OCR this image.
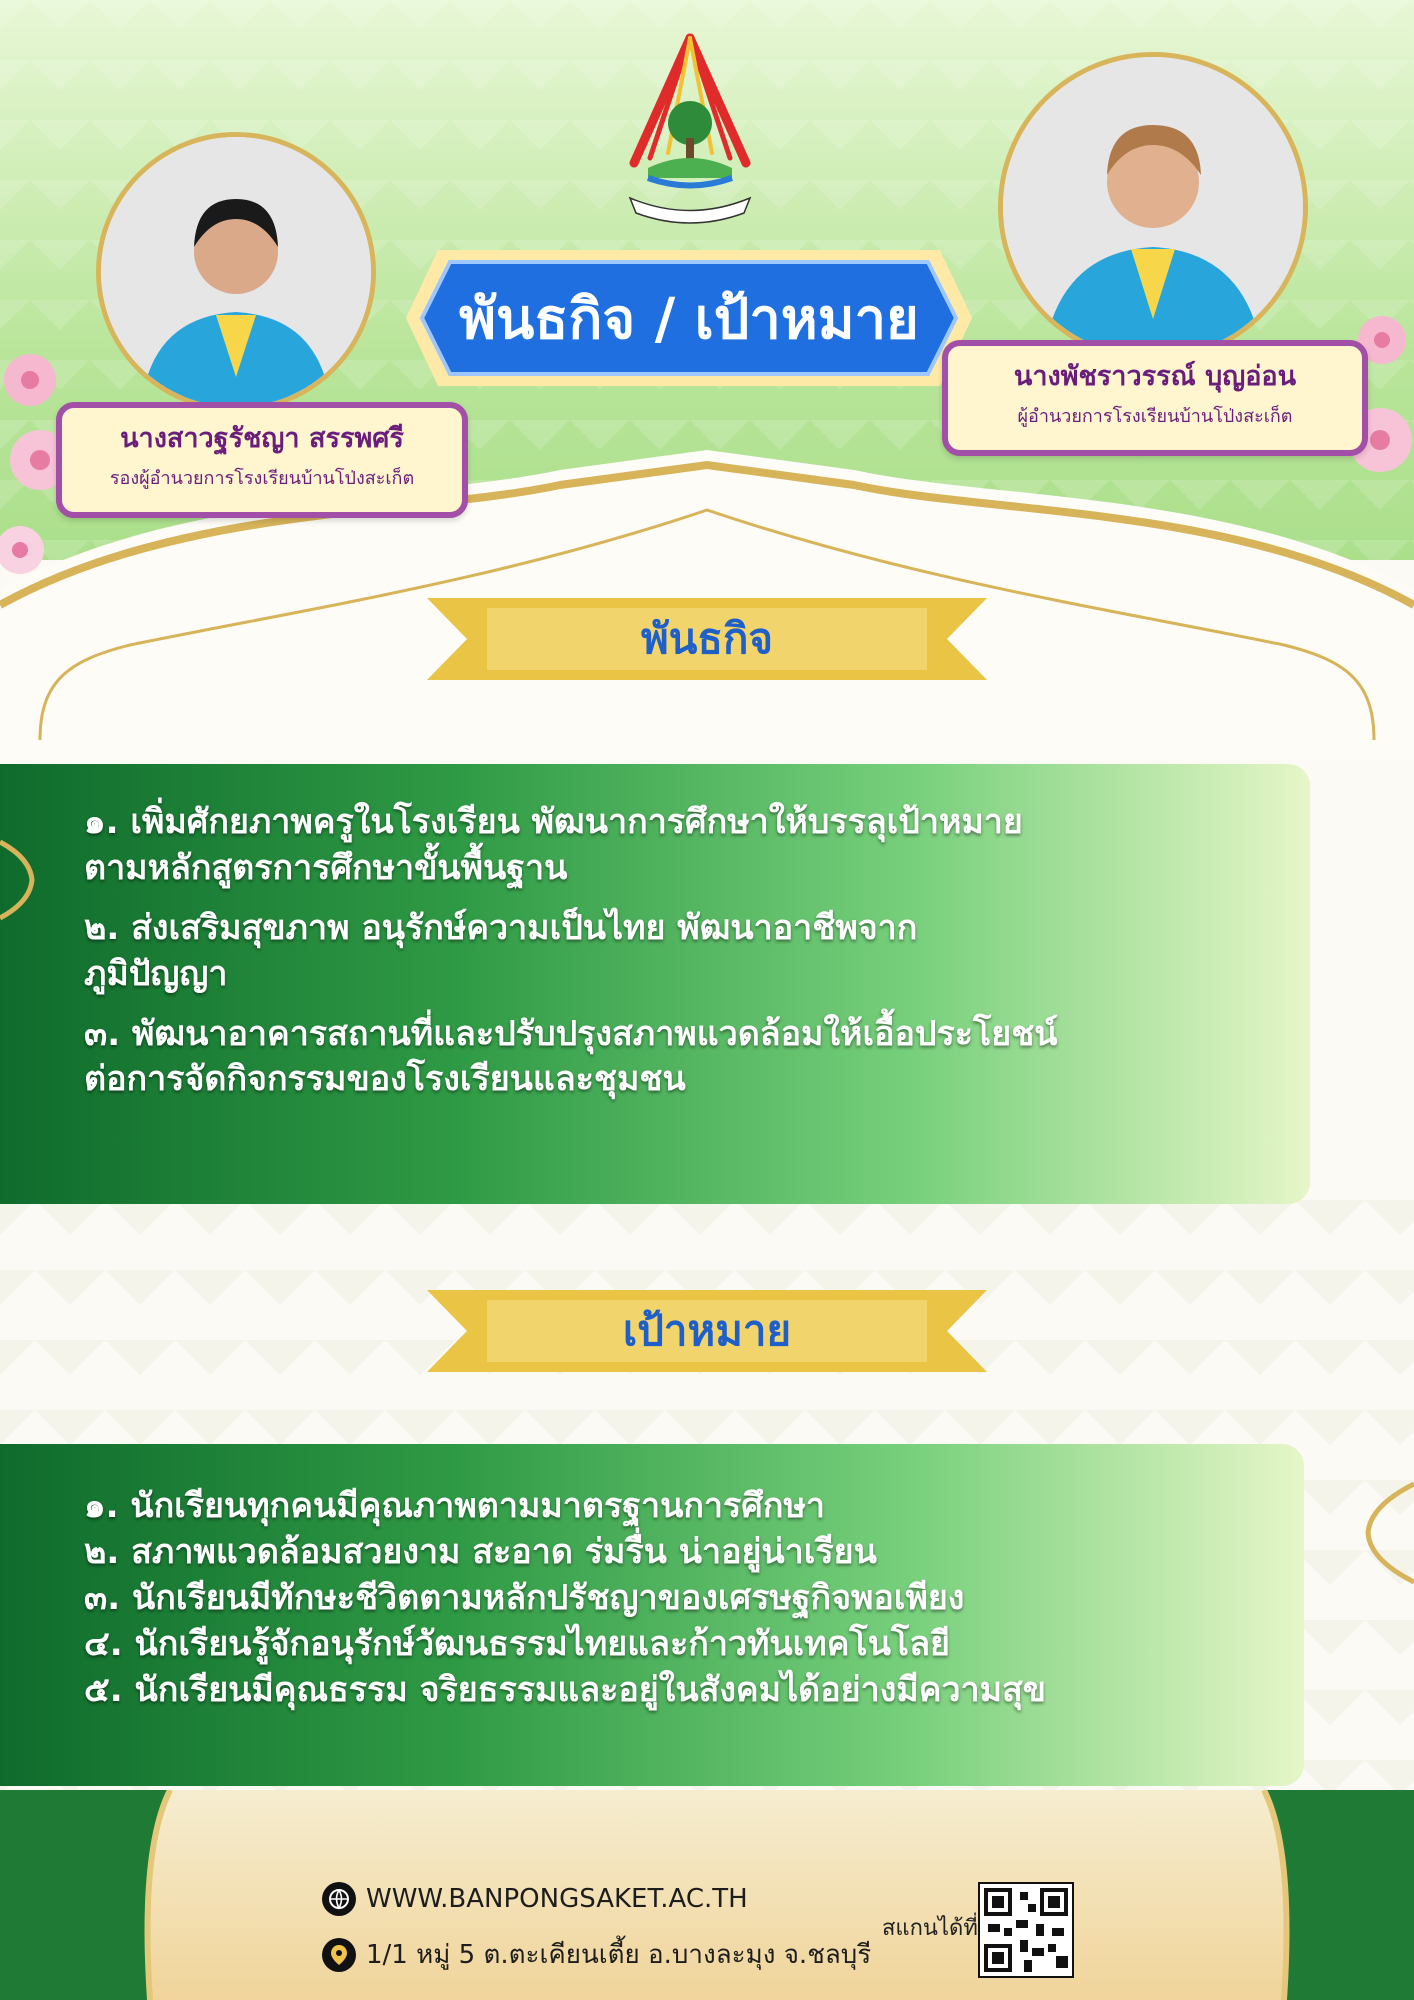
พันธกิจ / เป้าหมาย
นางสาวฐรัชญา สรรพศรี
รองผู้อำนวยการโรงเรียนบ้านโป่งสะเก็ต
นางพัชราวรรณ์ บุญอ่อน
ผู้อำนวยการโรงเรียนบ้านโป่งสะเก็ต
พันธกิจ
๑. เพิ่มศักยภาพครูในโรงเรียน พัฒนาการศึกษาให้บรรลุเป้าหมาย
ตามหลักสูตรการศึกษาขั้นพื้นฐาน
๒. ส่งเสริมสุขภาพ อนุรักษ์ความเป็นไทย พัฒนาอาชีพจาก
ภูมิปัญญา
๓. พัฒนาอาคารสถานที่และปรับปรุงสภาพแวดล้อมให้เอื้อประโยชน์
ต่อการจัดกิจกรรมของโรงเรียนและชุมชน
เป้าหมาย
๑. นักเรียนทุกคนมีคุณภาพตามมาตรฐานการศึกษา
๒. สภาพแวดล้อมสวยงาม สะอาด ร่มรื่น น่าอยู่น่าเรียน
๓. นักเรียนมีทักษะชีวิตตามหลักปรัชญาของเศรษฐกิจพอเพียง
๔. นักเรียนรู้จักอนุรักษ์วัฒนธรรมไทยและก้าวทันเทคโนโลยี
๕. นักเรียนมีคุณธรรม จริยธรรมและอยู่ในสังคมได้อย่างมีความสุข
WWW.BANPONGSAKET.AC.TH
1/1 หมู่ 5 ต.ตะเคียนเตี้ย อ.บางละมุง จ.ชลบุรี
สแกนได้ที่
